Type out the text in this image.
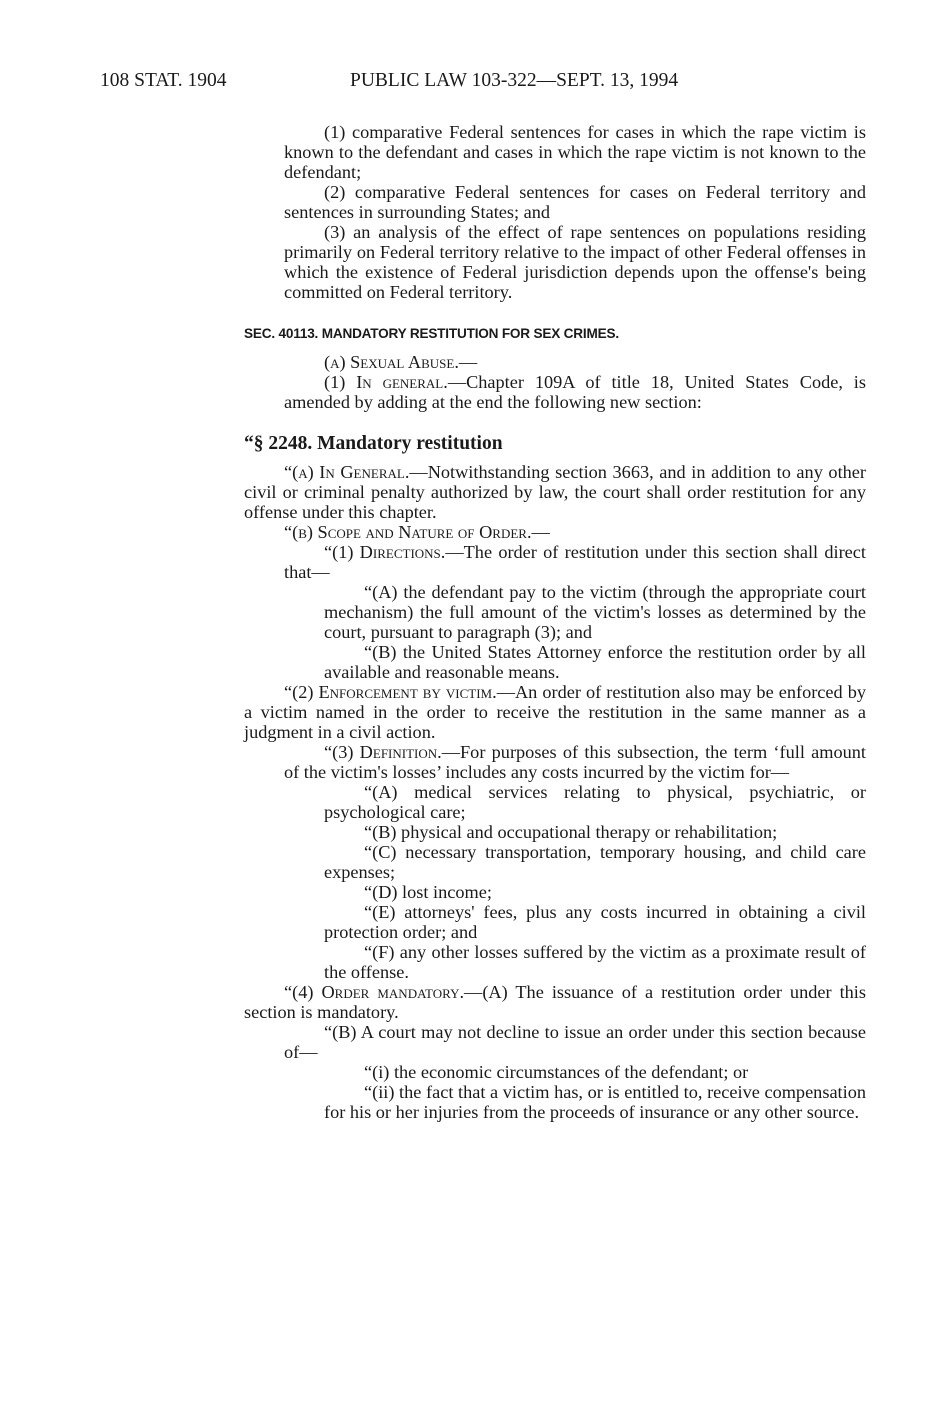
108 STAT. 1904	PUBLIC LAW 103-322—SEPT. 13, 1994

(1) comparative Federal sentences for cases in which the rape victim is known to the defendant and cases in which the rape victim is not known to the defendant;

(2) comparative Federal sentences for cases on Federal territory and sentences in surrounding States; and

(3) an analysis of the effect of rape sentences on populations residing primarily on Federal territory relative to the impact of other Federal offenses in which the existence of Federal jurisdiction depends upon the offense's being committed on Federal territory.

SEC. 40113. MANDATORY RESTITUTION FOR SEX CRIMES.

(a) Sexual Abuse.—

(1) In general.—Chapter 109A of title 18, United States Code, is amended by adding at the end the following new section:

“§ 2248. Mandatory restitution

“(a) In General.—Notwithstanding section 3663, and in addition to any other civil or criminal penalty authorized by law, the court shall order restitution for any offense under this chapter.

“(b) Scope and Nature of Order.—

“(1) Directions.—The order of restitution under this section shall direct that—

“(A) the defendant pay to the victim (through the appropriate court mechanism) the full amount of the victim's losses as determined by the court, pursuant to paragraph (3); and

“(B) the United States Attorney enforce the restitution order by all available and reasonable means.

“(2) Enforcement by victim.—An order of restitution also may be enforced by a victim named in the order to receive the restitution in the same manner as a judgment in a civil action.

“(3) Definition.—For purposes of this subsection, the term ‘full amount of the victim's losses’ includes any costs incurred by the victim for—

“(A) medical services relating to physical, psychiatric, or psychological care;

“(B) physical and occupational therapy or rehabilitation;

“(C) necessary transportation, temporary housing, and child care expenses;

“(D) lost income;

“(E) attorneys' fees, plus any costs incurred in obtaining a civil protection order; and

“(F) any other losses suffered by the victim as a proximate result of the offense.

“(4) Order mandatory.—(A) The issuance of a restitution order under this section is mandatory.

“(B) A court may not decline to issue an order under this section because of—

“(i) the economic circumstances of the defendant; or

“(ii) the fact that a victim has, or is entitled to, receive compensation for his or her injuries from the proceeds of insurance or any other source.
